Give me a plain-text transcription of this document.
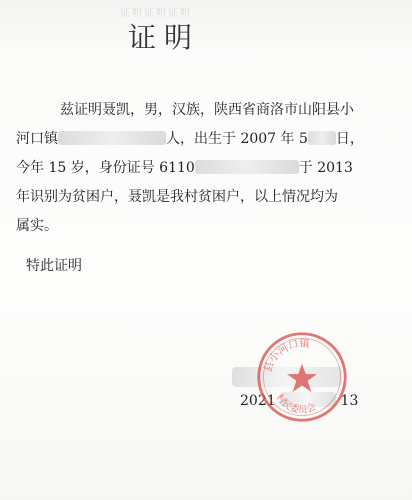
证明证明证明
证明
兹证明聂凯，男，汉族，陕西省商洛市山阳县小
河口镇	人，出生于 2007 年 5 日，
今年 15 岁，身份证号 6110	于 2013
年识别为贫困户，聂凯是我村贫困户，以上情况均为
属实。
特此证明
2021	13
县小河口镇
村民委员会
